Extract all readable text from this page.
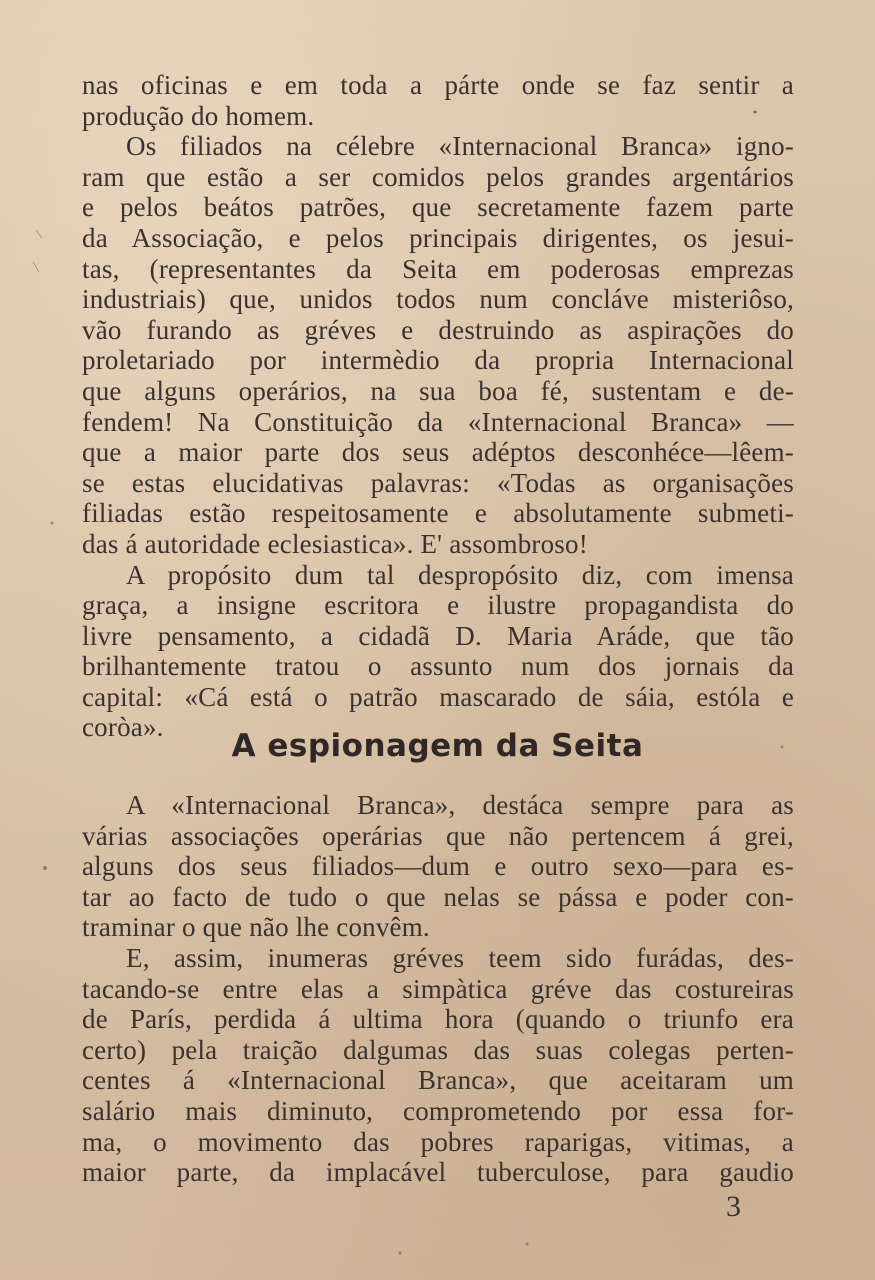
nas oficinas e em toda a párte onde se faz sentir a
produção do homem.
Os filiados na célebre «Internacional Branca» igno-
ram que estão a ser comidos pelos grandes argentários
e pelos beátos patrões, que secretamente fazem parte
da Associação, e pelos principais dirigentes, os jesui-
tas, (representantes da Seita em poderosas emprezas
industriais) que, unidos todos num concláve misteriôso,
vão furando as gréves e destruindo as aspirações do
proletariado por intermèdio da propria Internacional
que alguns operários, na sua boa fé, sustentam e de-
fendem! Na Constituição da «Internacional Branca» —
que a maior parte dos seus adéptos desconhéce—lêem-
se estas elucidativas palavras: «Todas as organisações
filiadas estão respeitosamente e absolutamente submeti-
das á autoridade eclesiastica». E' assombroso!
A propósito dum tal despropósito diz, com imensa
graça, a insigne escritora e ilustre propagandista do
livre pensamento, a cidadã D. Maria Aráde, que tão
brilhantemente tratou o assunto num dos jornais da
capital: «Cá está o patrão mascarado de sáia, estóla e
coròa».
A espionagem da Seita
A «Internacional Branca», destáca sempre para as
várias associações operárias que não pertencem á grei,
alguns dos seus filiados—dum e outro sexo—para es-
tar ao facto de tudo o que nelas se pássa e poder con-
traminar o que não lhe convêm.
E, assim, inumeras gréves teem sido furádas, des-
tacando-se entre elas a simpàtica gréve das costureiras
de París, perdida á ultima hora (quando o triunfo era
certo) pela traição dalgumas das suas colegas perten-
centes á «Internacional Branca», que aceitaram um
salário mais diminuto, comprometendo por essa for-
ma, o movimento das pobres raparigas, vitimas, a
maior parte, da implacável tuberculose, para gaudio
3
